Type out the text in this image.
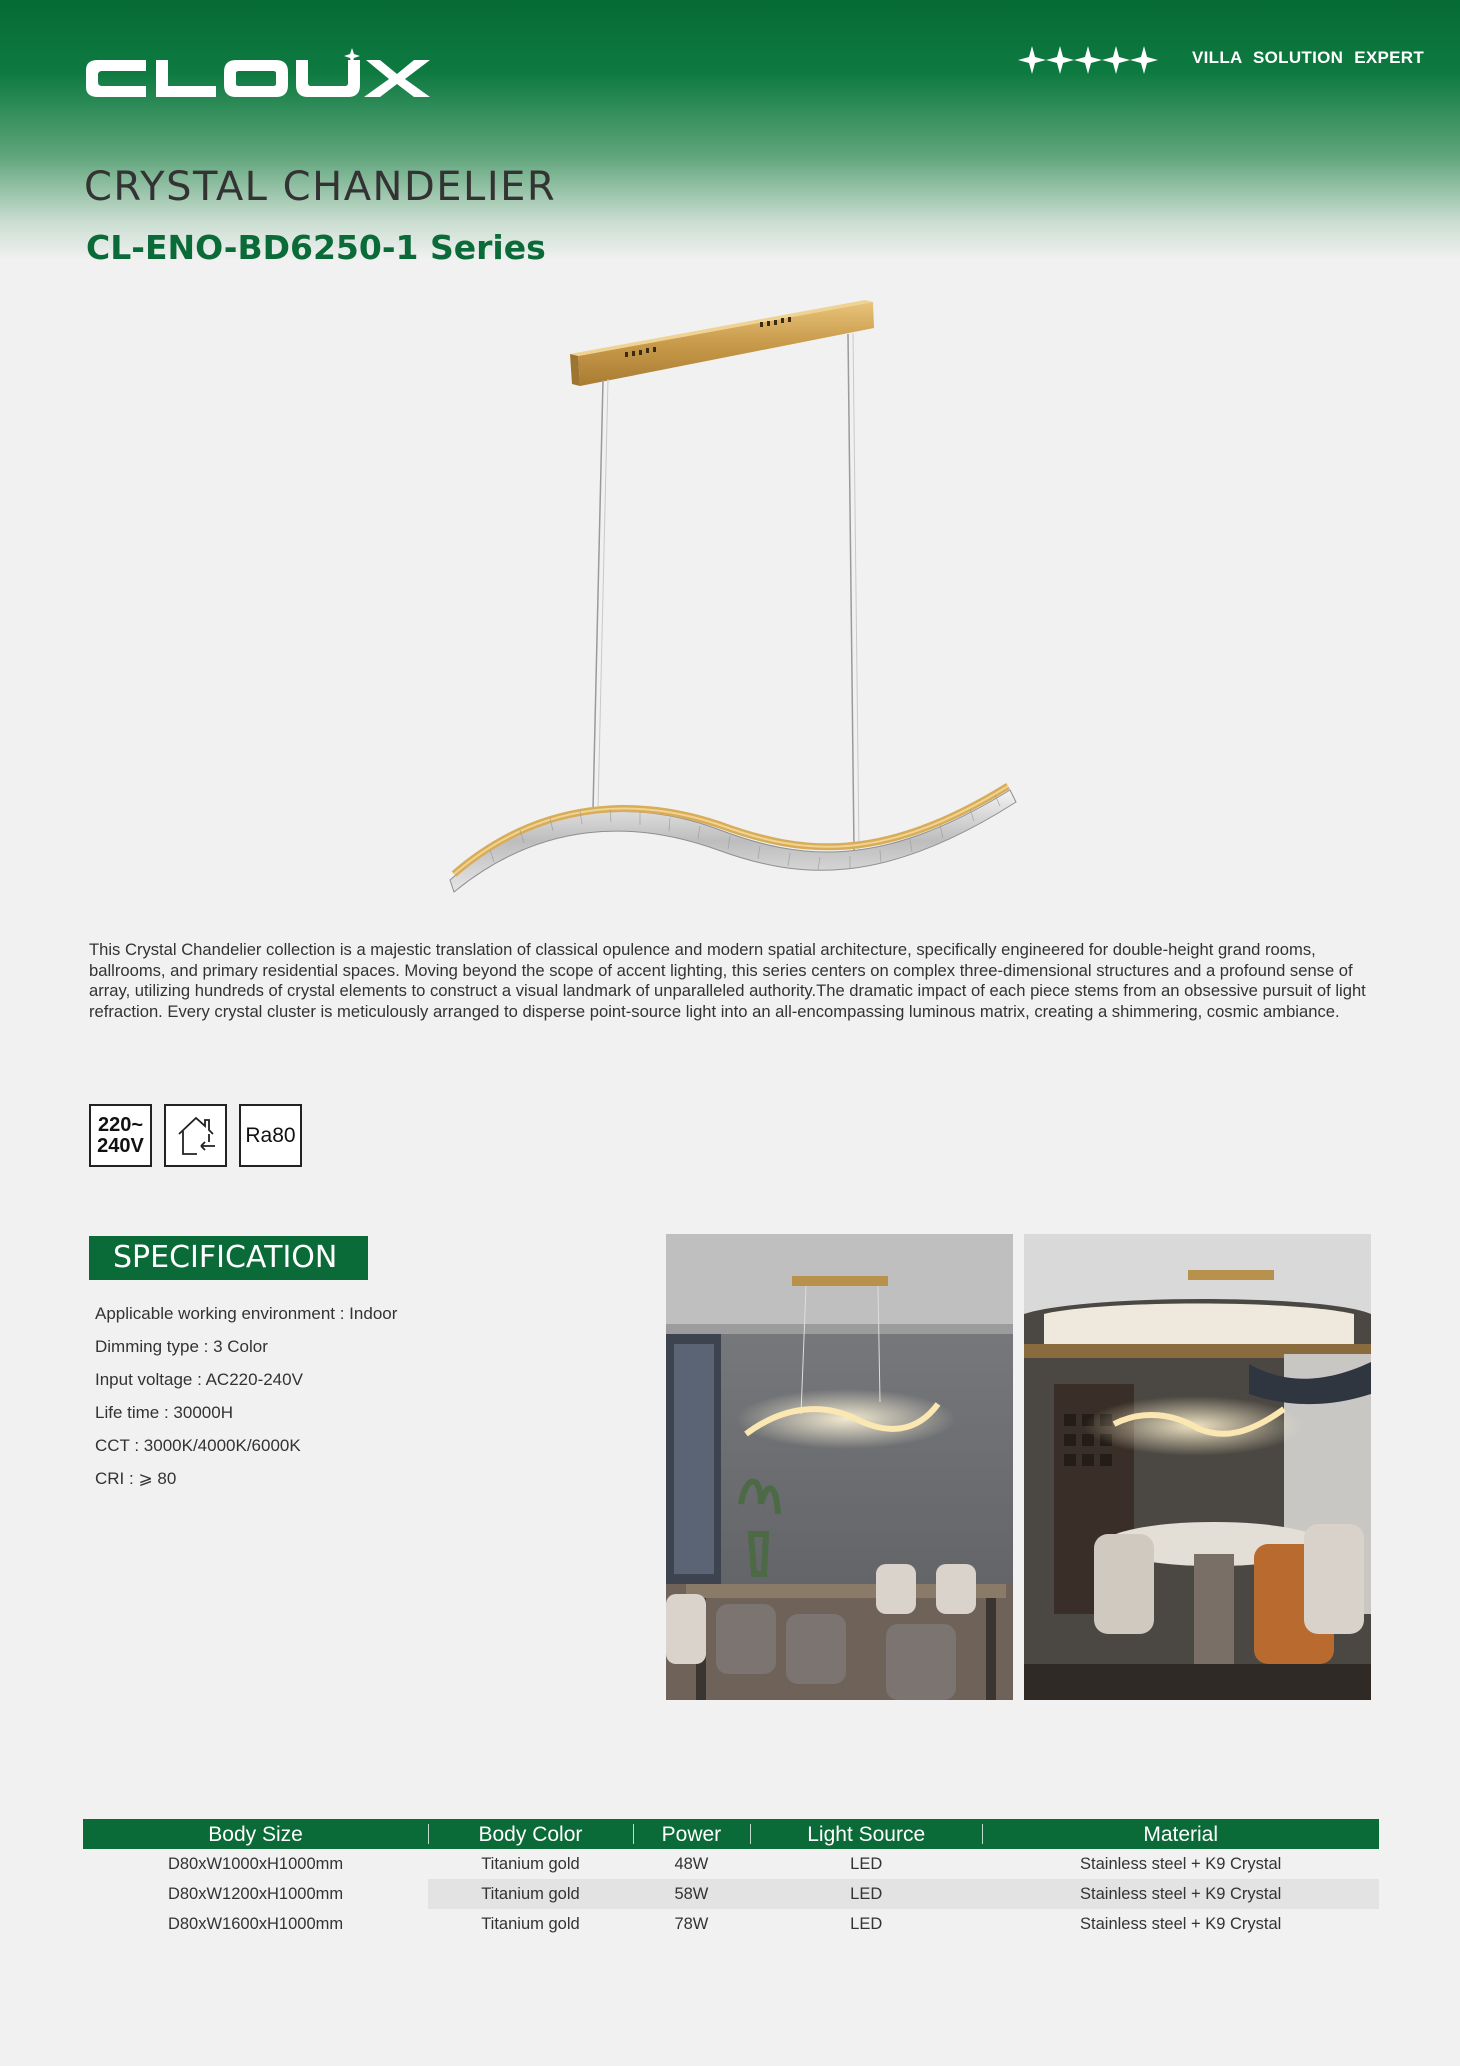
CLOUX
VILLA SOLUTION EXPERT
CRYSTAL CHANDELIER
CL-ENO-BD6250-1 Series

This Crystal Chandelier collection is a majestic translation of classical opulence and modern spatial architecture, specifically engineered for double-height grand rooms, ballrooms, and primary residential spaces. Moving beyond the scope of accent lighting, this series centers on complex three-dimensional structures and a profound sense of array, utilizing hundreds of crystal elements to construct a visual landmark of unparalleled authority.The dramatic impact of each piece stems from an obsessive pursuit of light refraction. Every crystal cluster is meticulously arranged to disperse point-source light into an all-encompassing luminous matrix, creating a shimmering, cosmic ambiance.

220~
240V	Ra80
SPECIFICATION
Applicable working environment : Indoor
Dimming type : 3 Color
Input voltage : AC220-240V
Life time : 30000H
CCT : 3000K/4000K/6000K
CRI : ⩾ 80
Body Size	Body Color	Power	Light Source	Material
D80xW1000xH1000mm	Titanium gold	48W	LED	Stainless steel + K9 Crystal
D80xW1200xH1000mm	Titanium gold	58W	LED	Stainless steel + K9 Crystal
D80xW1600xH1000mm	Titanium gold	78W	LED	Stainless steel + K9 Crystal
